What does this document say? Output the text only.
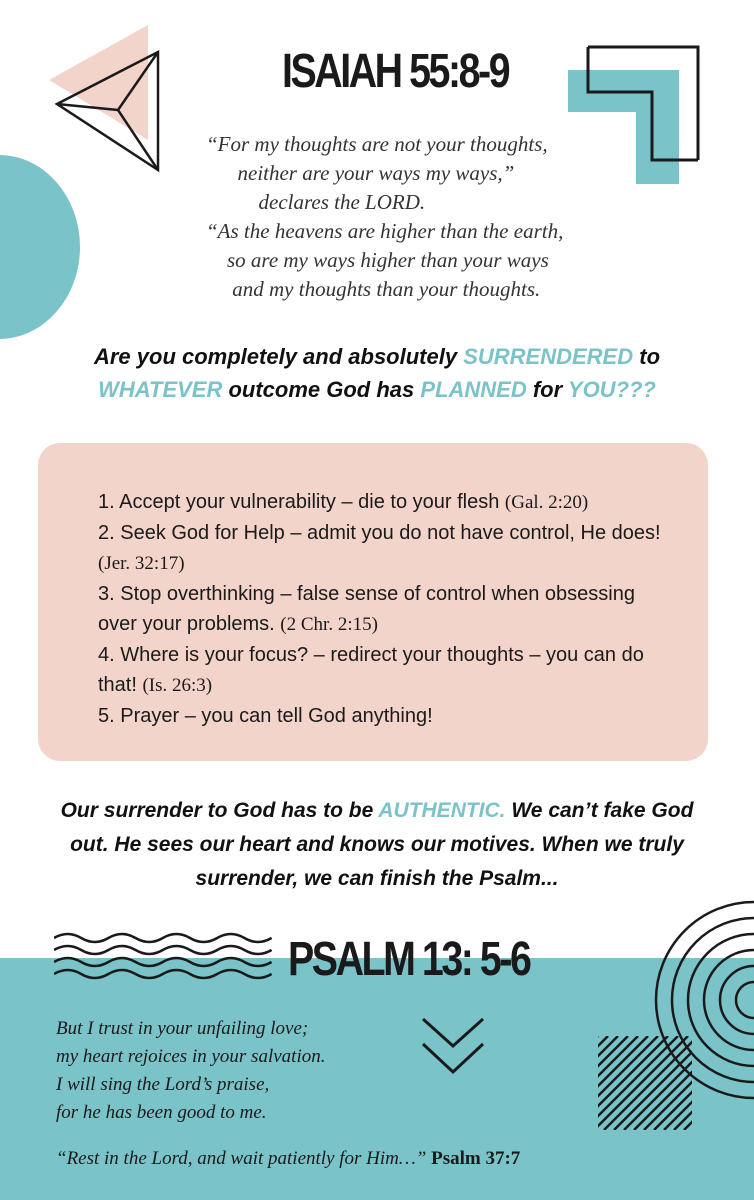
ISAIAH 55:8-9
“For my thoughts are not your thoughts,
neither are your ways my ways,”
declares the LORD.
“As the heavens are higher than the earth,
so are my ways higher than your ways
and my thoughts than your thoughts.
Are you completely and absolutely SURRENDERED to
WHATEVER outcome God has PLANNED for YOU???
1. Accept your vulnerability – die to your flesh (Gal. 2:20)
2. Seek God for Help – admit you do not have control, He does! (Jer. 32:17)
3. Stop overthinking – false sense of control when obsessing over your problems. (2 Chr. 2:15)
4. Where is your focus? – redirect your thoughts – you can do that! (Is. 26:3)
5. Prayer – you can tell God anything!
Our surrender to God has to be AUTHENTIC. We can’t fake God out. He sees our heart and knows our motives. When we truly surrender, we can finish the Psalm...
PSALM 13: 5-6
But I trust in your unfailing love;
my heart rejoices in your salvation.
I will sing the Lord’s praise,
for he has been good to me.
“Rest in the Lord, and wait patiently for Him…” Psalm 37:7
